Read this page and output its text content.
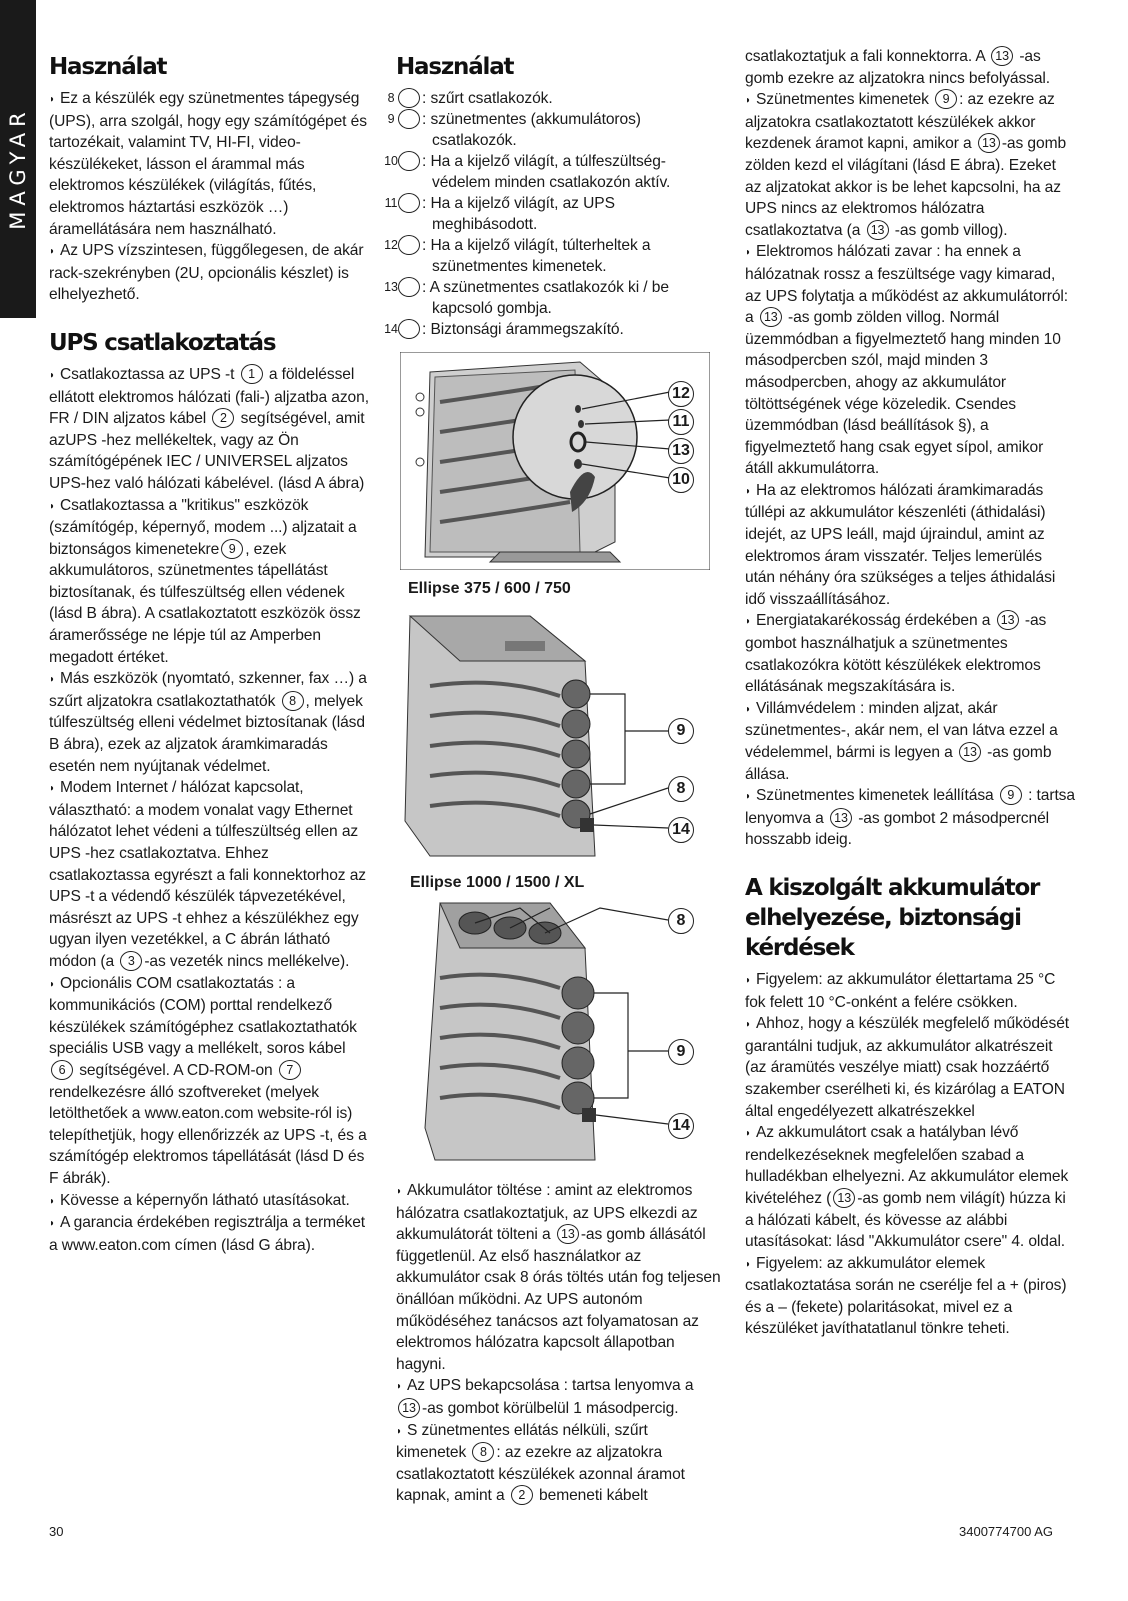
MAGYAR
Használat

◗ Ez a készülék egy szünetmentes tápegység (UPS), arra szolgál, hogy egy számítógépet és tartozékait, valamint TV, HI-FI, video-készülékeket, lásson el árammal más elektromos készülékek (világítás, fűtés, elektromos háztartási eszközök …) áramellátására nem használható.

◗ Az UPS vízszintesen, függőlegesen, de akár rack-szekrényben (2U, opcionális készlet) is elhelyezhető.

UPS csatlakoztatás

◗ Csatlakoztassa az UPS -t 1 a földeléssel ellátott elektromos hálózati (fali-) aljzatba azon, FR / DIN aljzatos kábel 2 segítségével, amit azUPS -hez mellékeltek, vagy az Ön számítógépének IEC / UNIVERSEL aljzatos UPS-hez való hálózati kábelével. (lásd A ábra)

◗ Csatlakoztassa a "kritikus" eszközök (számítógép, képernyő, modem ...) aljzatait a biztonságos kimenetekre 9 , ezek akkumulátoros, szünetmentes tápellátást biztosítanak, és túlfeszültség ellen védenek (lásd B ábra). A csatlakoztatott eszközök össz áramerőssége ne lépje túl az Amperben megadott értéket.

◗ Más eszközök (nyomtató, szkenner, fax …) a szűrt aljzatokra csatlakoztathatók 8 , melyek túlfeszültség elleni védelmet biztosítanak (lásd B ábra), ezek az aljzatok áramkimaradás esetén nem nyújtanak védelmet.

◗ Modem Internet / hálózat kapcsolat, választható: a modem vonalat vagy Ethernet hálózatot lehet védeni a túlfeszültség ellen az UPS -hez csatlakoztatva. Ehhez csatlakoztassa egyrészt a fali konnektorhoz az UPS -t a védendő készülék tápvezetékével, másrészt az UPS -t ehhez a készülékhez egy ugyan ilyen vezetékkel, a C ábrán látható módon (a 3 -as vezeték nincs mellékelve).

◗ Opcionális COM csatlakoztatás : a kommunikációs (COM) porttal rendelkező készülékek számítógéphez csatlakoztathatók speciális USB vagy a mellékelt, soros kábel 6 segítségével. A CD-ROM-on 7 rendelkezésre álló szoftvereket (melyek letölthetőek a www.eaton.com website-ról is) telepíthetjük, hogy ellenőrizzék az UPS -t, és a számítógép elektromos tápellátását (lásd D és F ábrák).

◗ Kövesse a képernyőn látható utasításokat.

◗ A garancia érdekében regisztrálja a terméket a www.eaton.com címen (lásd G ábra).

Használat

8 : szűrt csatlakozók.

9 : szünetmentes (akkumulátoros) csatlakozók.

10 : Ha a kijelző világít, a túlfeszültség-védelem minden csatlakozón aktív.

11 : Ha a kijelző világít, az UPS meghibásodott.

12 : Ha a kijelző világít, túlterheltek a szünetmentes kimenetek.

13 : A szünetmentes csatlakozók ki / be kapcsoló gombja.

14 : Biztonsági árammegszakító.

12
11
13
10
Ellipse 375 / 600 / 750
9
8
14
Ellipse 1000 / 1500 / XL
8
9
14

◗ Akkumulátor töltése : amint az elektromos hálózatra csatlakoztatjuk, az UPS elkezdi az akkumulátorát tölteni a 13 -as gomb állásától függetlenül. Az első használatkor az akkumulátor csak 8 órás töltés után fog teljesen önállóan működni. Az UPS autonóm működéséhez tanácsos azt folyamatosan az elektromos hálózatra kapcsolt állapotban hagyni.

◗ Az UPS bekapcsolása : tartsa lenyomva a 13 -as gombot körülbelül 1 másodpercig.

◗ S zünetmentes ellátás nélküli, szűrt kimenetek 8 : az ezekre az aljzatokra csatlakoztatott készülékek azonnal áramot kapnak, amint a 2 bemeneti kábelt

csatlakoztatjuk a fali konnektorra. A 13 -as gomb ezekre az aljzatokra nincs befolyással.

◗ Szünetmentes kimenetek 9 : az ezekre az aljzatokra csatlakoztatott készülékek akkor kezdenek áramot kapni, amikor a 13 -as gomb zölden kezd el világítani (lásd E ábra). Ezeket az aljzatokat akkor is be lehet kapcsolni, ha az UPS nincs az elektromos hálózatra csatlakoztatva (a 13 -as gomb villog).

◗ Elektromos hálózati zavar : ha ennek a hálózatnak rossz a feszültsége vagy kimarad, az UPS folytatja a működést az akkumulátorról: a 13 -as gomb zölden villog. Normál üzemmódban a figyelmeztető hang minden 10 másodpercben szól, majd minden 3 másodpercben, ahogy az akkumulátor töltöttségének vége közeledik. Csendes üzemmódban (lásd beállítások §), a figyelmeztető hang csak egyet sípol, amikor átáll akkumulátorra.

◗ Ha az elektromos hálózati áramkimaradás túllépi az akkumulátor készenléti (áthidalási) idejét, az UPS leáll, majd újraindul, amint az elektromos áram visszatér. Teljes lemerülés után néhány óra szükséges a teljes áthidalási idő visszaállításához.

◗ Energiatakarékosság érdekében a 13 -as gombot használhatjuk a szünetmentes csatlakozókra kötött készülékek elektromos ellátásának megszakítására is.

◗ Villámvédelem : minden aljzat, akár szünetmentes-, akár nem, el van látva ezzel a védelemmel, bármi is legyen a 13 -as gomb állása.

◗ Szünetmentes kimenetek leállítása 9 : tartsa lenyomva a 13 -as gombot 2 másodpercnél hosszabb ideig.

A kiszolgált akkumulátor elhelyezése, biztonsági kérdések

◗ Figyelem: az akkumulátor élettartama 25 °C fok felett 10 °C-onként a felére csökken.

◗ Ahhoz, hogy a készülék megfelelő működését garantálni tudjuk, az akkumulátor alkatrészeit (az áramütés veszélye miatt) csak hozzáértő szakember cserélheti ki, és kizárólag a EATON által engedélyezett alkatrészekkel

◗ Az akkumulátort csak a hatályban lévő rendelkezéseknek megfelelően szabad a hulladékban elhelyezni. Az akkumulátor elemek kivételéhez ( 13 -as gomb nem világít) húzza ki a hálózati kábelt, és kövesse az alábbi utasításokat: lásd "Akkumulátor csere" 4. oldal.

◗ Figyelem: az akkumulátor elemek csatlakoztatása során ne cserélje fel a + (piros) és a – (fekete) polaritásokat, mivel ez a készüléket javíthatatlanul tönkre teheti.

30	3400774700 AG
